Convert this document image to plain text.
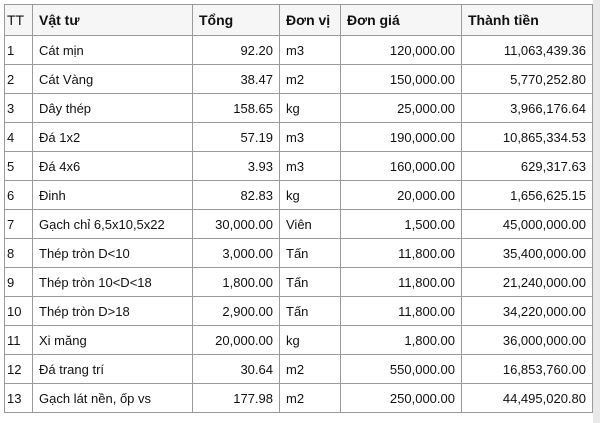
TT	Vật tư	Tổng	Đơn vị	Đơn giá	Thành tiền
1	Cát mịn	92.20	m3	120,000.00	11,063,439.36
2	Cát Vàng	38.47	m2	150,000.00	5,770,252.80
3	Dây thép	158.65	kg	25,000.00	3,966,176.64
4	Đá 1x2	57.19	m3	190,000.00	10,865,334.53
5	Đá 4x6	3.93	m3	160,000.00	629,317.63
6	Đinh	82.83	kg	20,000.00	1,656,625.15
7	Gạch chỉ 6,5x10,5x22	30,000.00	Viên	1,500.00	45,000,000.00
8	Thép tròn D<10	3,000.00	Tấn	11,800.00	35,400,000.00
9	Thép tròn 10<D<18	1,800.00	Tấn	11,800.00	21,240,000.00
10	Thép tròn D>18	2,900.00	Tấn	11,800.00	34,220,000.00
11	Xi măng	20,000.00	kg	1,800.00	36,000,000.00
12	Đá trang trí	30.64	m2	550,000.00	16,853,760.00
13	Gạch lát nền, ốp vs	177.98	m2	250,000.00	44,495,020.80
